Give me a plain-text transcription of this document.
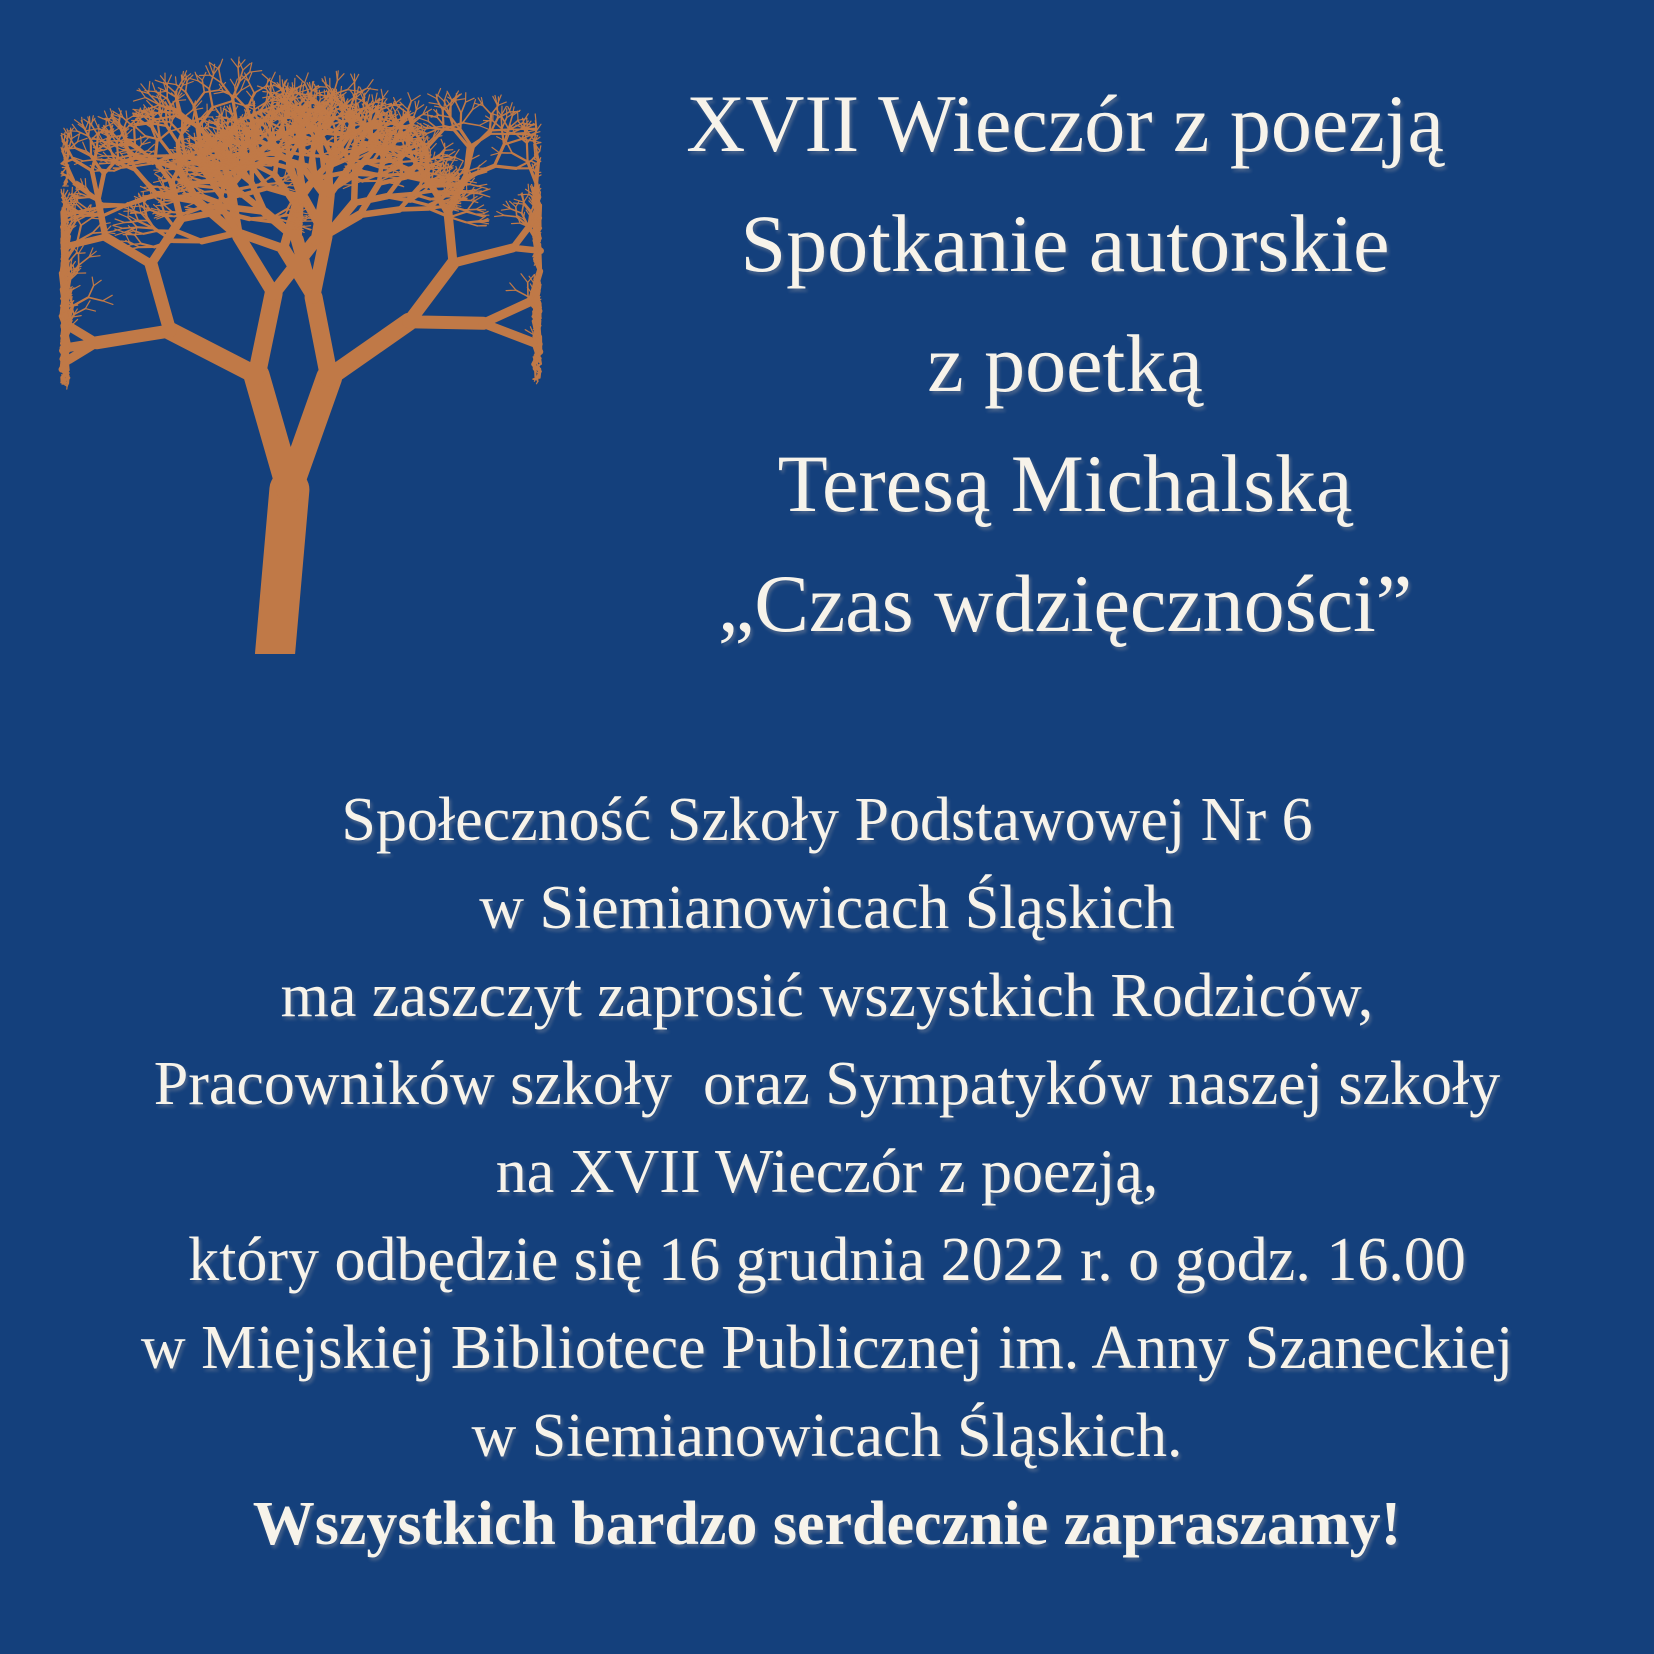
XVII Wieczór z poezją
Spotkanie autorskie
z poetką
Teresą Michalską
„Czas wdzięczności”
Społeczność Szkoły Podstawowej Nr 6
w Siemianowicach Śląskich
ma zaszczyt zaprosić wszystkich Rodziców,
Pracowników szkoły  oraz Sympatyków naszej szkoły
na XVII Wieczór z poezją,
który odbędzie się 16 grudnia 2022 r. o godz. 16.00
w Miejskiej Bibliotece Publicznej im. Anny Szaneckiej
w Siemianowicach Śląskich.
Wszystkich bardzo serdecznie zapraszamy!
